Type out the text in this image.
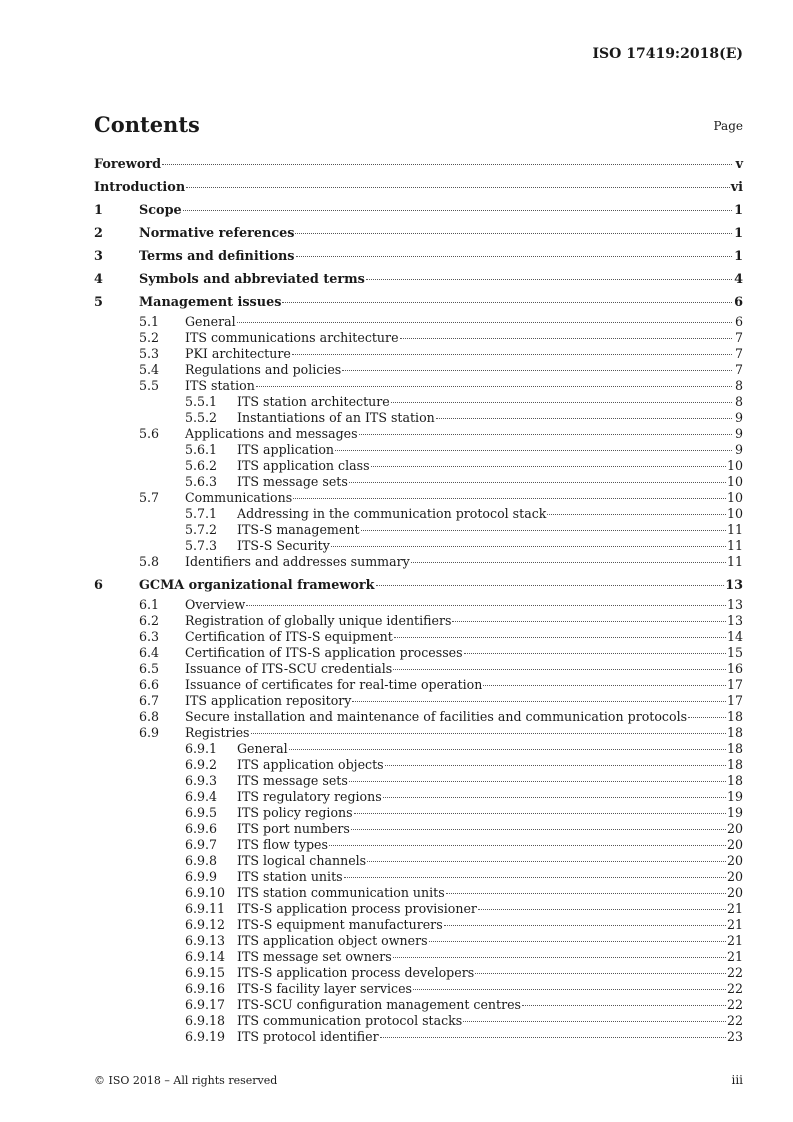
ISO 17419:2018(E)
Contents	Page
Foreword	v
Introduction	vi
1	Scope	1
2	Normative references	1
3	Terms and definitions	1
4	Symbols and abbreviated terms	4
5	Management issues	6
5.1	General	6
5.2	ITS communications architecture	7
5.3	PKI architecture	7
5.4	Regulations and policies	7
5.5	ITS station	8
5.5.1	ITS station architecture	8
5.5.2	Instantiations of an ITS station	9
5.6	Applications and messages	9
5.6.1	ITS application	9
5.6.2	ITS application class	10
5.6.3	ITS message sets	10
5.7	Communications	10
5.7.1	Addressing in the communication protocol stack	10
5.7.2	ITS-S management	11
5.7.3	ITS-S Security	11
5.8	Identifiers and addresses summary	11
6	GCMA organizational framework	13
6.1	Overview	13
6.2	Registration of globally unique identifiers	13
6.3	Certification of ITS-S equipment	14
6.4	Certification of ITS-S application processes	15
6.5	Issuance of ITS-SCU credentials	16
6.6	Issuance of certificates for real-time operation	17
6.7	ITS application repository	17
6.8	Secure installation and maintenance of facilities and communication protocols	18
6.9	Registries	18
6.9.1	General	18
6.9.2	ITS application objects	18
6.9.3	ITS message sets	18
6.9.4	ITS regulatory regions	19
6.9.5	ITS policy regions	19
6.9.6	ITS port numbers	20
6.9.7	ITS flow types	20
6.9.8	ITS logical channels	20
6.9.9	ITS station units	20
6.9.10 ITS station communication units	20
6.9.11 ITS-S application process provisioner	21
6.9.12 ITS-S equipment manufacturers	21
6.9.13 ITS application object owners	21
6.9.14 ITS message set owners	21
6.9.15 ITS-S application process developers	22
6.9.16 ITS-S facility layer services	22
6.9.17 ITS-SCU configuration management centres	22
6.9.18 ITS communication protocol stacks	22
6.9.19 ITS protocol identifier	23
© ISO 2018 – All rights reserved	iii
